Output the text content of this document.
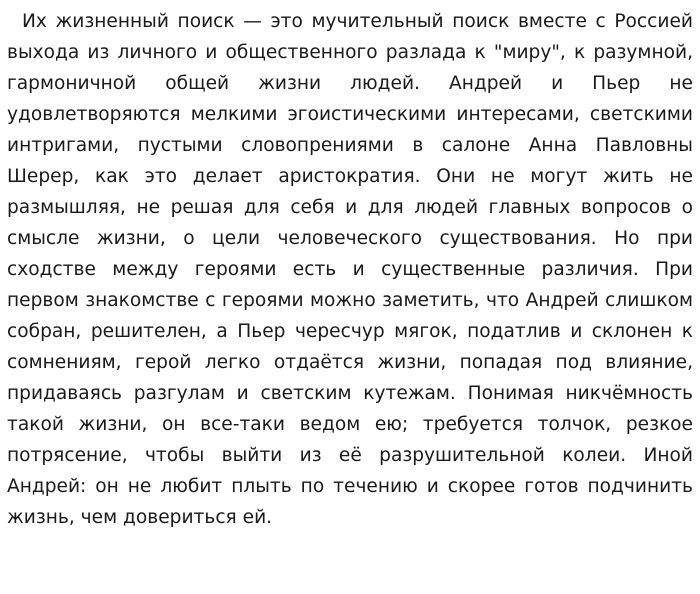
Их жизненный поиск — это мучительный поиск вместе с Россией выхода из личного и общественного разлада к "миру", к разумной, гармоничной общей жизни людей. Андрей и Пьер не удовлетворяются мелкими эгоистическими интересами, светскими интригами, пустыми словопрениями в салоне Анна Павловны Шерер, как это делает аристократия. Они не могут жить не размышляя, не решая для себя и для людей главных вопросов о смысле жизни, о цели человеческого существования. Но при сходстве между героями есть и существенные различия. При первом знакомстве с героями можно заметить, что Андрей слишком собран, решителен, а Пьер чересчур мягок, податлив и склонен к сомнениям, герой легко отдаётся жизни, попадая под влияние, придаваясь разгулам и светским кутежам. Понимая никчёмность такой жизни, он все-таки ведом ею; требуется толчок, резкое потрясение, чтобы выйти из её разрушительной колеи. Иной Андрей: он не любит плыть по течению и скорее готов подчинить жизнь, чем довериться ей.
